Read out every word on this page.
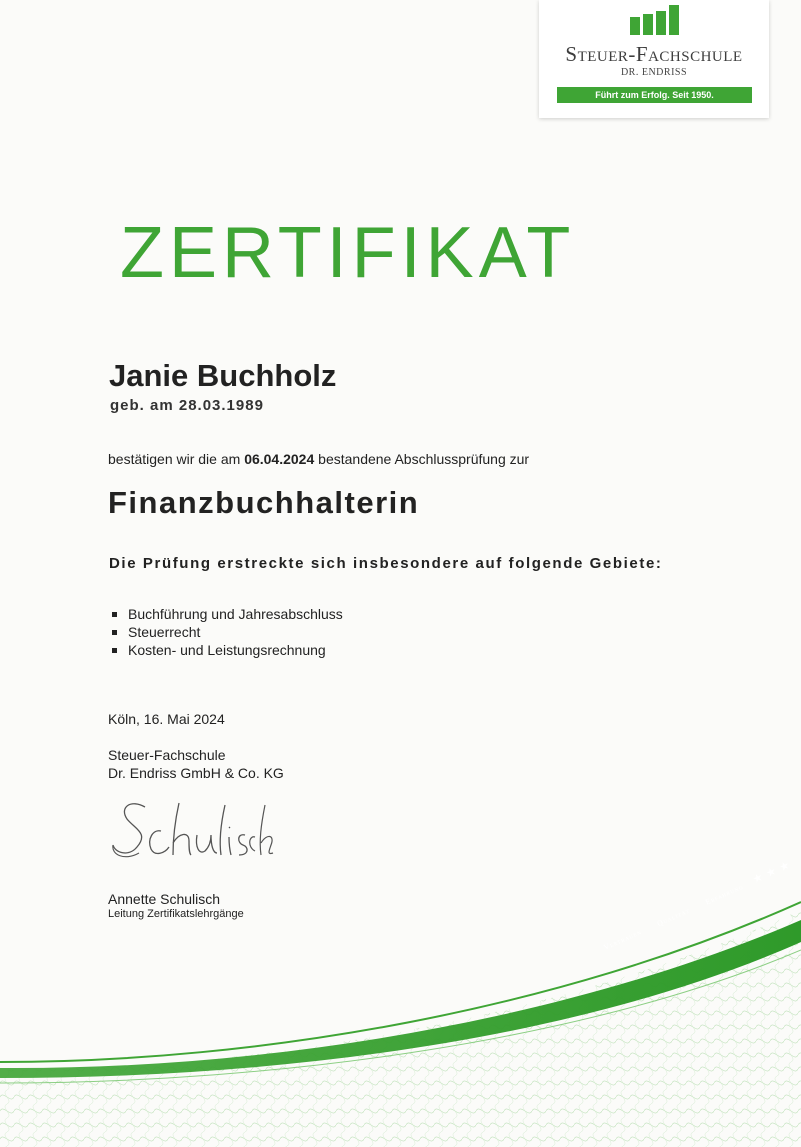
Steuer-Fachschule
DR. ENDRISS
Führt zum Erfolg. Seit 1950.
ZERTIFIKAT
Janie Buchholz
geb. am 28.03.1989
bestätigen wir die am 06.04.2024 bestandene Abschlussprüfung zur
Finanzbuchhalterin
Die Prüfung erstreckte sich insbesondere auf folgende Gebiete:
Buchführung und Jahresabschluss
Steuerrecht
Kosten- und Leistungsrechnung
Köln, 16. Mai 2024
Steuer-Fachschule
Dr. Endriss GmbH & Co. KG
Annette Schulisch
Leitung Zertifikatslehrgänge
Vertrauen  Qualität  Erfahrung  ★ ★ ★
